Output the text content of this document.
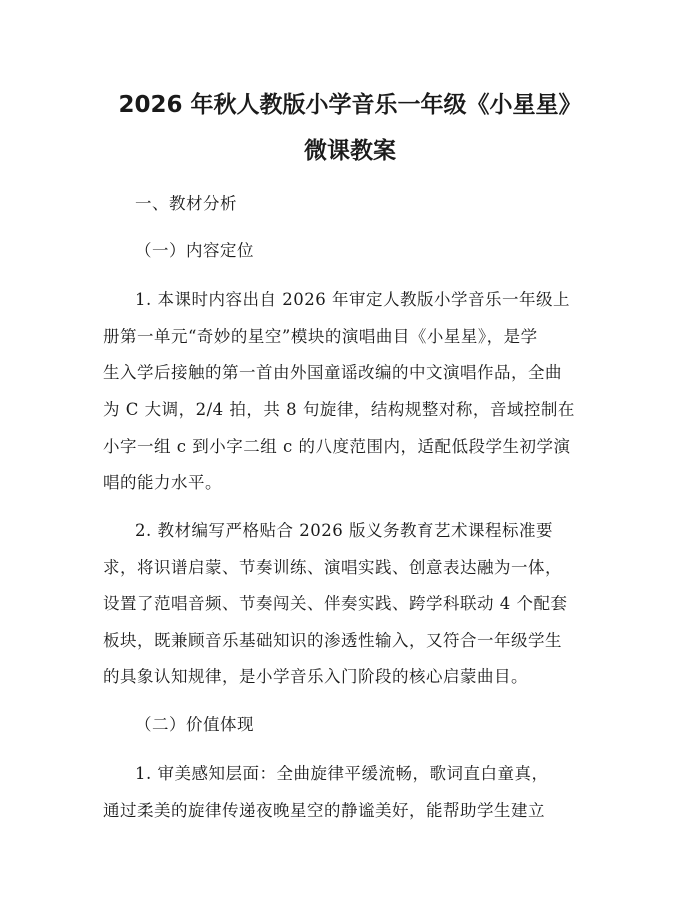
2026 年秋人教版小学音乐一年级《小星星》
微课教案
一、教材分析
（一）内容定位
1. 本课时内容出自 2026 年审定人教版小学音乐一年级上
册第一单元“奇妙的星空”模块的演唱曲目《小星星》，是学
生入学后接触的第一首由外国童谣改编的中文演唱作品，全曲
为 C 大调，2/4 拍，共 8 句旋律，结构规整对称，音域控制在
小字一组 c 到小字二组 c 的八度范围内，适配低段学生初学演
唱的能力水平。
2. 教材编写严格贴合 2026 版义务教育艺术课程标准要
求，将识谱启蒙、节奏训练、演唱实践、创意表达融为一体，
设置了范唱音频、节奏闯关、伴奏实践、跨学科联动 4 个配套
板块，既兼顾音乐基础知识的渗透性输入，又符合一年级学生
的具象认知规律，是小学音乐入门阶段的核心启蒙曲目。
（二）价值体现
1. 审美感知层面：全曲旋律平缓流畅，歌词直白童真，
通过柔美的旋律传递夜晚星空的静谧美好，能帮助学生建立
